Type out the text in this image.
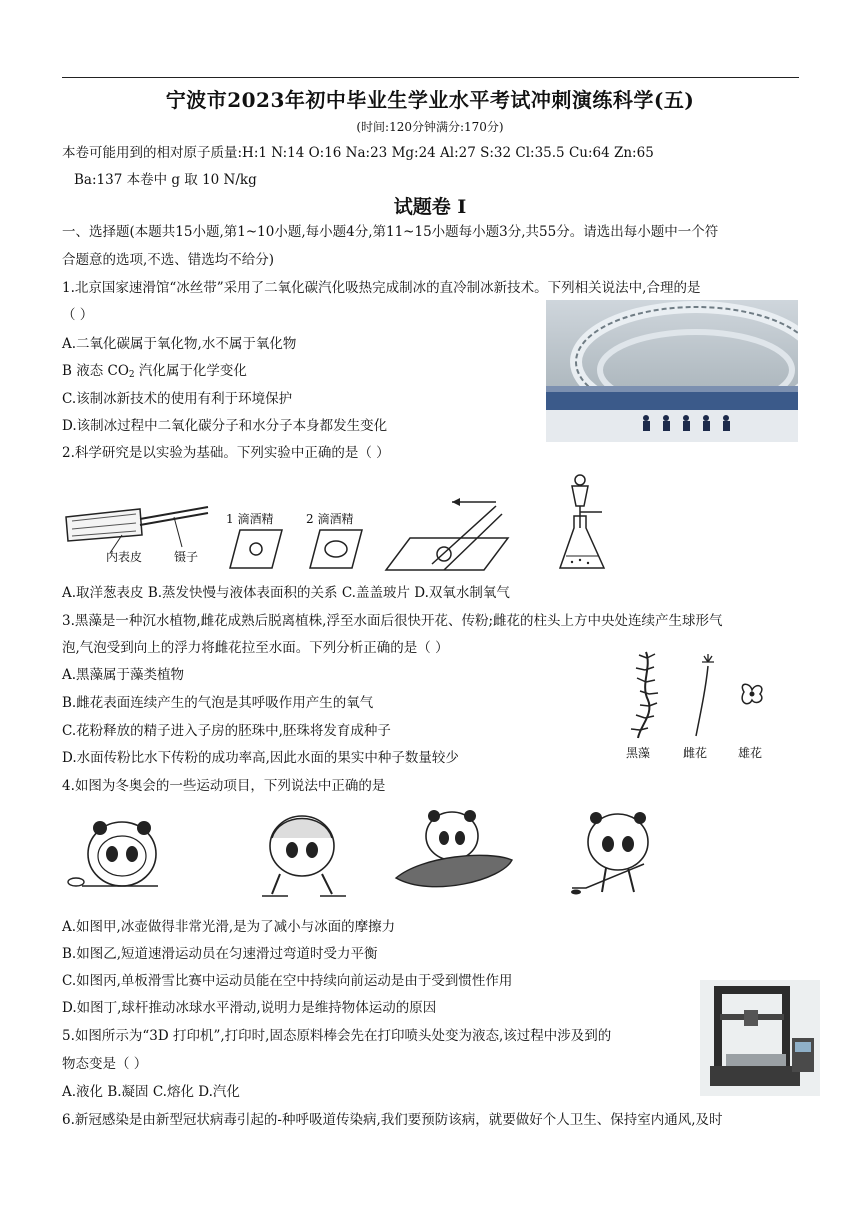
宁波市2023年初中毕业生学业水平考试冲刺演练科学(五)
(时间:120分钟满分:170分)
本卷可能用到的相对原子质量:H:1 N:14 O:16 Na:23 Mg:24 Al:27 S:32 Cl:35.5 Cu:64 Zn:65
Ba:137 本卷中 g 取 10 N/kg
试题卷 I
一、选择题(本题共15小题,第1~10小题,每小题4分,第11~15小题每小题3分,共55分。请选出每小题中一个符
合题意的选项,不选、错选均不给分)
1.北京国家速滑馆“冰丝带”采用了二氧化碳汽化吸热完成制冰的直冷制冰新技术。下列相关说法中,合理的是
（ ）
A.二氧化碳属于氧化物,水不属于氧化物
B 液态 $CO_2$ 汽化属于化学变化
C.该制冰新技术的使用有利于环境保护
D.该制冰过程中二氧化碳分子和水分子本身都发生变化
2.科学研究是以实验为基础。下列实验中正确的是（ ）
内表皮	镊子
1 滴酒精	2 滴酒精
A.取洋葱表皮 B.蒸发快慢与液体表面积的关系 C.盖盖玻片 D.双氧水制氧气
3.黑藻是一种沉水植物,雌花成熟后脱离植株,浮至水面后很快开花、传粉;雌花的柱头上方中央处连续产生球形气
泡,气泡受到向上的浮力将雌花拉至水面。下列分析正确的是（ ）
A.黑藻属于藻类植物
B.雌花表面连续产生的气泡是其呼吸作用产生的氧气
C.花粉释放的精子进入子房的胚珠中,胚珠将发育成种子
D.水面传粉比水下传粉的成功率高,因此水面的果实中种子数量较少	黑藻	雌花	雄花
4.如图为冬奥会的一些运动项目，下列说法中正确的是
A.如图甲,冰壶做得非常光滑,是为了减小与冰面的摩擦力
B.如图乙,短道速滑运动员在匀速滑过弯道时受力平衡
C.如图丙,单板滑雪比赛中运动员能在空中持续向前运动是由于受到惯性作用
D.如图丁,球杆推动冰球水平滑动,说明力是维持物体运动的原因
5.如图所示为“3D 打印机”,打印时,固态原料棒会先在打印喷头处变为液态,该过程中涉及到的
物态变是（ ）
A.液化 B.凝固 C.熔化 D.汽化
6.新冠感染是由新型冠状病毒引起的-种呼吸道传染病,我们要预防该病，就要做好个人卫生、保持室内通风,及时
